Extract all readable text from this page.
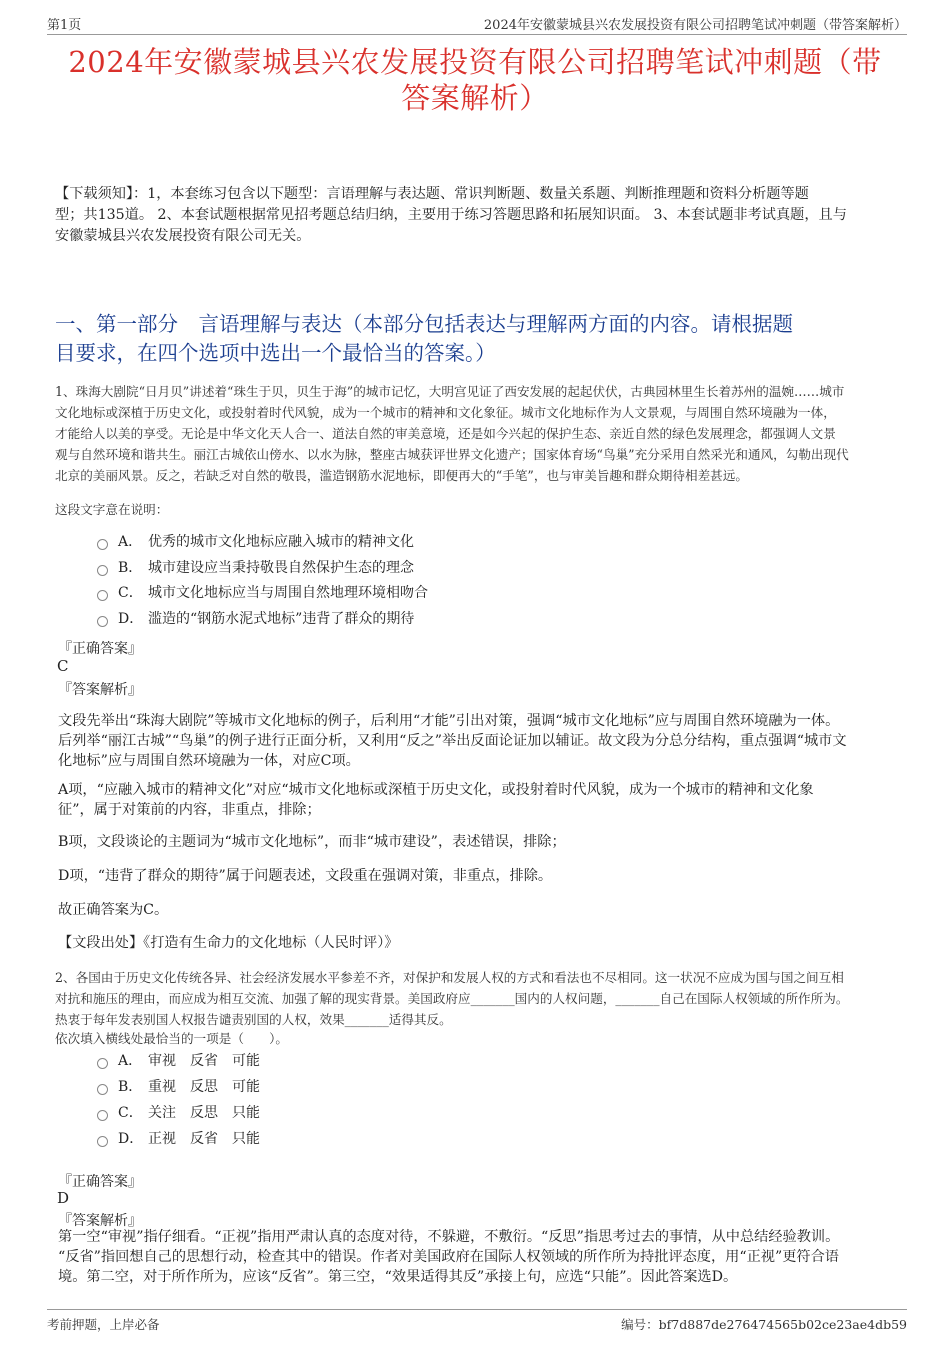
第1页	2024年安徽蒙城县兴农发展投资有限公司招聘笔试冲刺题（带答案解析）
2024年安徽蒙城县兴农发展投资有限公司招聘笔试冲刺题（带
答案解析）
【下载须知】：1，本套练习包含以下题型：言语理解与表达题、常识判断题、数量关系题、判断推理题和资料分析题等题
型；共135道。 2、本套试题根据常见招考题总结归纳，主要用于练习答题思路和拓展知识面。 3、本套试题非考试真题，且与
安徽蒙城县兴农发展投资有限公司无关。
一、第一部分　言语理解与表达（本部分包括表达与理解两方面的内容。请根据题
目要求，在四个选项中选出一个最恰当的答案。）
1、珠海大剧院“日月贝”讲述着“珠生于贝，贝生于海”的城市记忆，大明宫见证了西安发展的起起伏伏，古典园林里生长着苏州的温婉……城市
文化地标或深植于历史文化，或投射着时代风貌，成为一个城市的精神和文化象征。城市文化地标作为人文景观，与周围自然环境融为一体，
才能给人以美的享受。无论是中华文化天人合一、道法自然的审美意境，还是如今兴起的保护生态、亲近自然的绿色发展理念，都强调人文景
观与自然环境和谐共生。丽江古城依山傍水、以水为脉，整座古城获评世界文化遗产；国家体育场“鸟巢”充分采用自然采光和通风，勾勒出现代
北京的美丽风景。反之，若缺乏对自然的敬畏，滥造钢筋水泥地标，即便再大的“手笔”，也与审美旨趣和群众期待相差甚远。
这段文字意在说明：
A． 优秀的城市文化地标应融入城市的精神文化
B． 城市建设应当秉持敬畏自然保护生态的理念
C． 城市文化地标应当与周围自然地理环境相吻合
D． 滥造的“钢筋水泥式地标”违背了群众的期待
『正确答案』
C
『答案解析』
文段先举出“珠海大剧院”等城市文化地标的例子，后利用“才能”引出对策，强调“城市文化地标”应与周围自然环境融为一体。
后列举“丽江古城”“鸟巢”的例子进行正面分析，又利用“反之”举出反面论证加以辅证。故文段为分总分结构，重点强调“城市文
化地标”应与周围自然环境融为一体，对应C项。
A项，“应融入城市的精神文化”对应“城市文化地标或深植于历史文化，或投射着时代风貌，成为一个城市的精神和文化象
征”，属于对策前的内容，非重点，排除；
B项，文段谈论的主题词为“城市文化地标”，而非“城市建设”，表述错误，排除；
D项，“违背了群众的期待”属于问题表述，文段重在强调对策，非重点，排除。
故正确答案为C。
【文段出处】《打造有生命力的文化地标（人民时评）》
2、各国由于历史文化传统各异、社会经济发展水平参差不齐，对保护和发展人权的方式和看法也不尽相同。这一状况不应成为国与国之间互相
对抗和施压的理由，而应成为相互交流、加强了解的现实背景。美国政府应_______国内的人权问题，_______自己在国际人权领域的所作所为。
热衷于每年发表别国人权报告谴责别国的人权，效果_______适得其反。
依次填入横线处最恰当的一项是（　　）。
A． 审视　反省　可能
B． 重视　反思　可能
C． 关注　反思　只能
D． 正视　反省　只能
『正确答案』
D
『答案解析』
第一空“审视”指仔细看。“正视”指用严肃认真的态度对待，不躲避，不敷衍。“反思”指思考过去的事情，从中总结经验教训。
“反省”指回想自己的思想行动，检查其中的错误。作者对美国政府在国际人权领域的所作所为持批评态度，用“正视”更符合语
境。第二空，对于所作所为，应该“反省”。第三空，“效果适得其反”承接上句，应选“只能”。因此答案选D。
考前押题，上岸必备	编号：bf7d887de276474565b02ce23ae4db59
